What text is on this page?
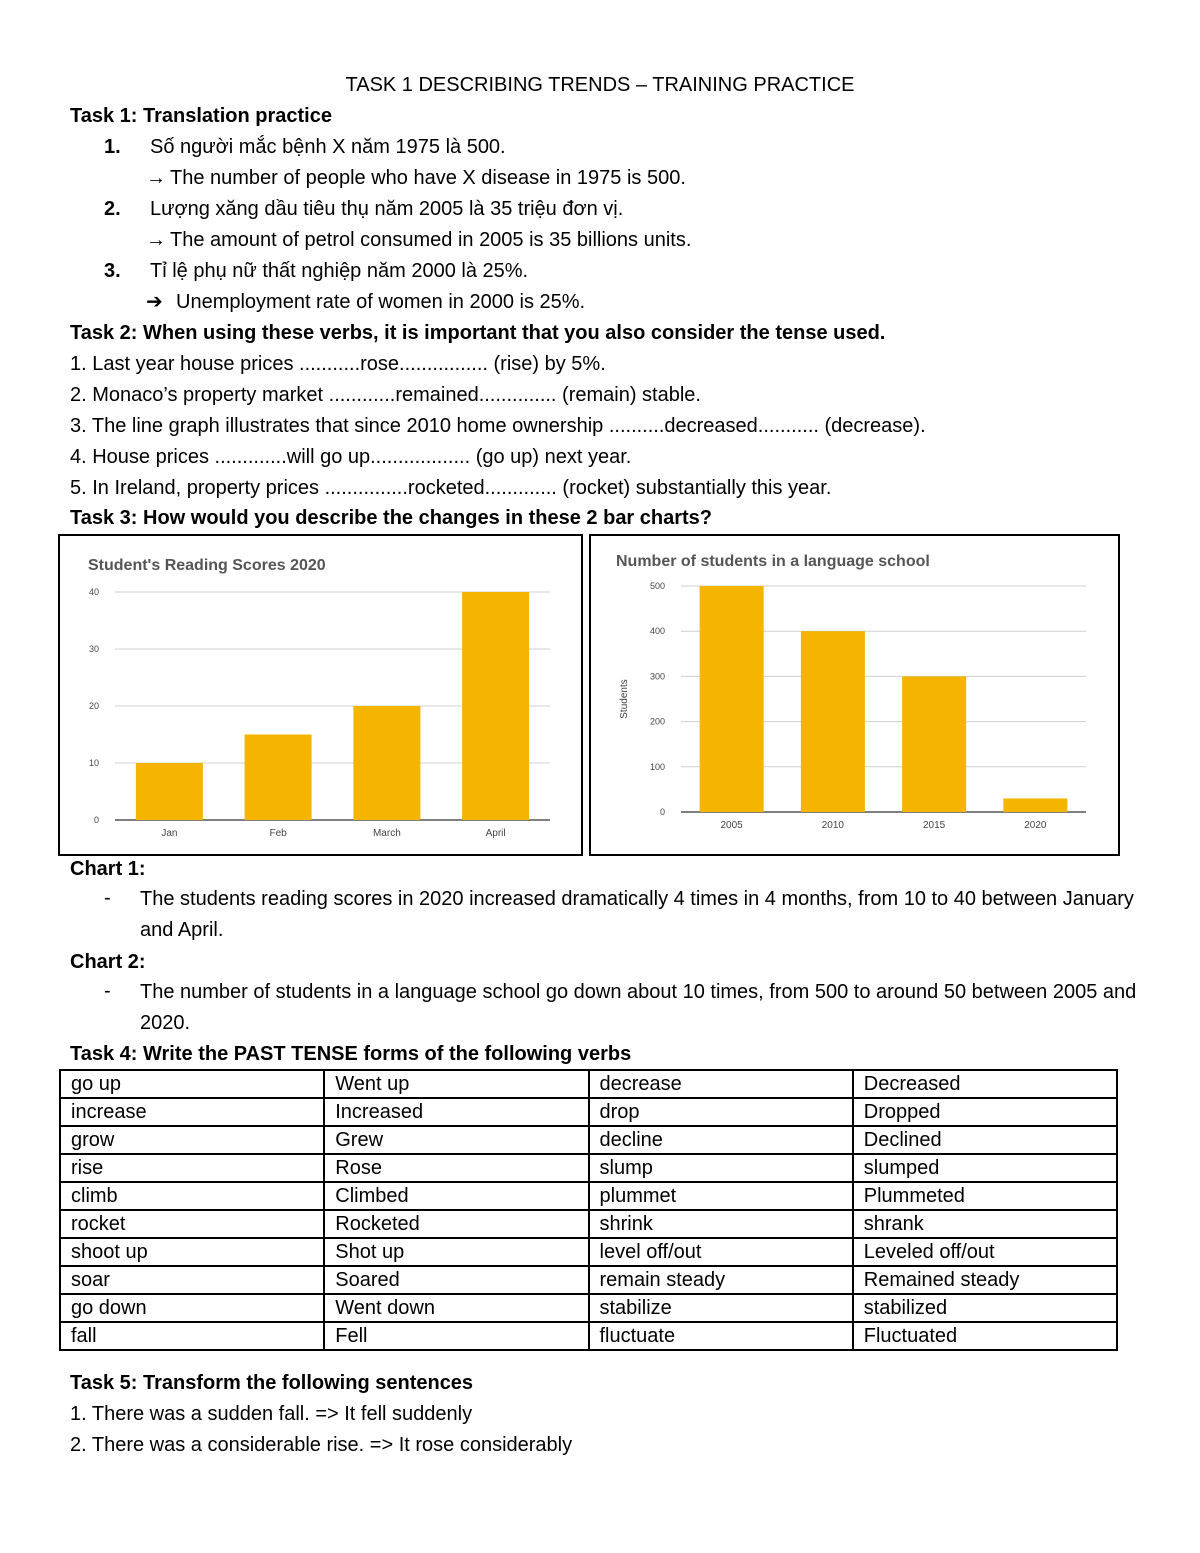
TASK 1 DESCRIBING TRENDS – TRAINING PRACTICE
Task 1: Translation practice
1. Số người mắc bệnh X năm 1975 là 500.
→ The number of people who have X disease in 1975 is 500.
2. Lượng xăng dầu tiêu thụ năm 2005 là 35 triệu đơn vị.
→ The amount of petrol consumed in 2005 is 35 billions units.
3. Tỉ lệ phụ nữ thất nghiệp năm 2000 là 25%.
➔ Unemployment rate of women in 2000 is 25%.
Task 2: When using these verbs, it is important that you also consider the tense used.
1. Last year house prices ...........rose................ (rise) by 5%.
2. Monaco’s property market ............remained.............. (remain) stable.
3. The line graph illustrates that since 2010 home ownership ..........decreased........... (decrease).
4. House prices .............will go up.................. (go up) next year.
5. In Ireland, property prices ...............rocketed............. (rocket) substantially this year.
Task 3: How would you describe the changes in these 2 bar charts?
Student's Reading Scores 2020
0
10
20
30
40
Jan	Feb	March	April
Number of students in a language school
0
100
200
300
400
500
2005	2010	2015	2020
Students
Chart 1:
- The students reading scores in 2020 increased dramatically 4 times in 4 months, from 10 to 40 between January and April.
Chart 2:
- The number of students in a language school go down about 10 times, from 500 to around 50 between 2005 and 2020.
Task 4: Write the PAST TENSE forms of the following verbs
go up	Went up	decrease	Decreased
increase	Increased	drop	Dropped
grow	Grew	decline	Declined
rise	Rose	slump	slumped
climb	Climbed	plummet	Plummeted
rocket	Rocketed	shrink	shrank
shoot up	Shot up	level off/out	Leveled off/out
soar	Soared	remain steady	Remained steady
go down	Went down	stabilize	stabilized
fall	Fell	fluctuate	Fluctuated
Task 5: Transform the following sentences
1. There was a sudden fall. => It fell suddenly
2. There was a considerable rise. => It rose considerably
